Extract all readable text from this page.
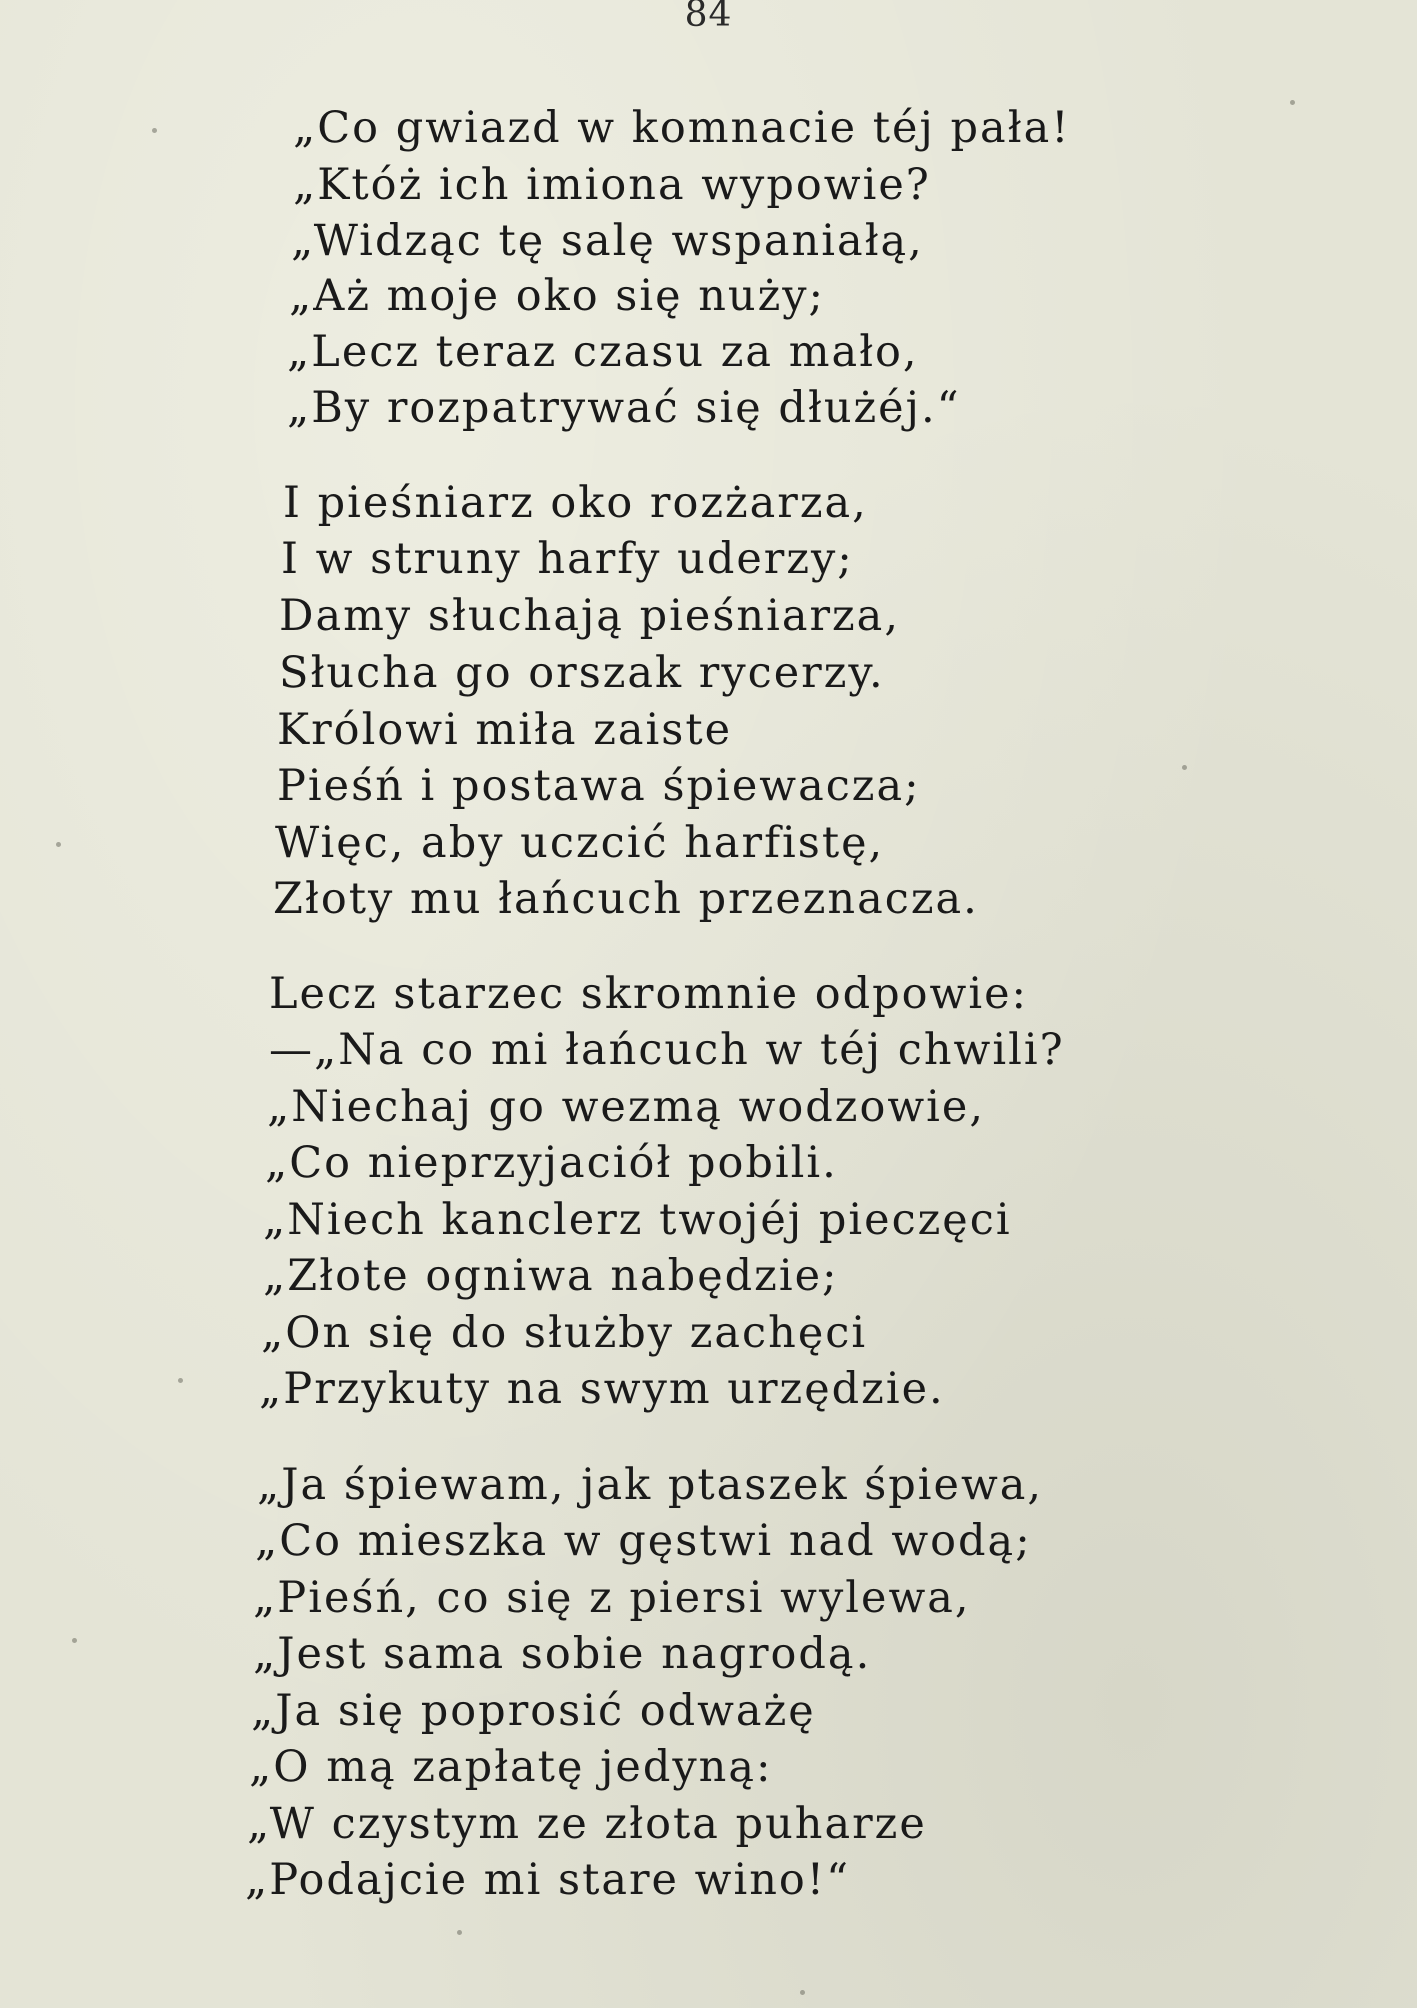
84
„Co gwiazd w komnacie téj pała!
„Któż ich imiona wypowie?
„Widząc tę salę wspaniałą,
„Aż moje oko się nuży;
„Lecz teraz czasu za mało,
„By rozpatrywać się dłużéj.“
I pieśniarz oko rozżarza,
I w struny harfy uderzy;
Damy słuchają pieśniarza,
Słucha go orszak rycerzy.
Królowi miła zaiste
Pieśń i postawa śpiewacza;
Więc, aby uczcić harfistę,
Złoty mu łańcuch przeznacza.
Lecz starzec skromnie odpowie:
—„Na co mi łańcuch w téj chwili?
„Niechaj go wezmą wodzowie,
„Co nieprzyjaciół pobili.
„Niech kanclerz twojéj pieczęci
„Złote ogniwa nabędzie;
„On się do służby zachęci
„Przykuty na swym urzędzie.
„Ja śpiewam, jak ptaszek śpiewa,
„Co mieszka w gęstwi nad wodą;
„Pieśń, co się z piersi wylewa,
„Jest sama sobie nagrodą.
„Ja się poprosić odważę
„O mą zapłatę jedyną:
„W czystym ze złota puharze
„Podajcie mi stare wino!“
